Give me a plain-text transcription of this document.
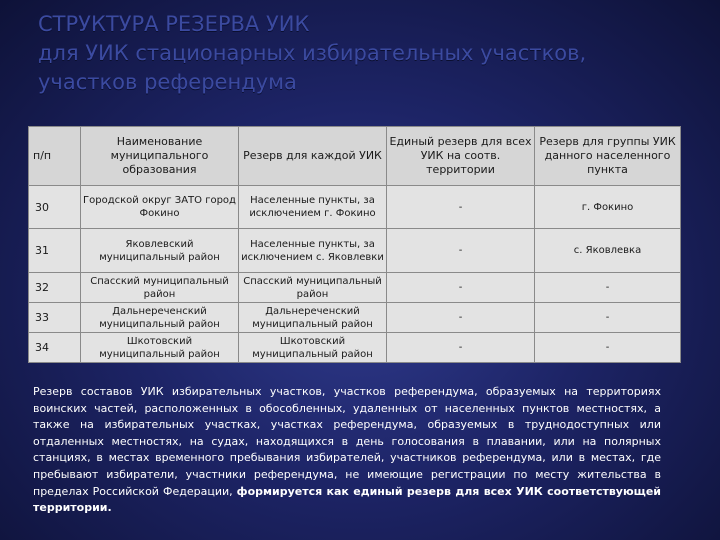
СТРУКТУРА РЕЗЕРВА УИК
для УИК стационарных избирательных участков,
участков референдума
п/п	Наименование муниципального образования	Резерв для каждой УИК	Единый резерв для всех УИК на соотв. территории	Резерв для группы УИК данного населенного пункта
30	Городской округ ЗАТО город Фокино	Населенные пункты, за исключением г. Фокино	-	г. Фокино
31	Яковлевский муниципальный район	Населенные пункты, за исключением с. Яковлевки	-	с. Яковлевка
32	Спасский муниципальный район	Спасский муниципальный район	-	-
33	Дальнереченский муниципальный район	Дальнереченский муниципальный район	-	-
34	Шкотовский муниципальный район	Шкотовский муниципальный район	-	-
Резерв составов УИК избирательных участков, участков референдума, образуемых на территориях воинских частей, расположенных в обособленных, удаленных от населенных пунктов местностях, а также на избирательных участках, участках референдума, образуемых в труднодоступных или отдаленных местностях, на судах, находящихся в день голосования в плавании, или на полярных станциях, в местах временного пребывания избирателей, участников референдума, или в местах, где пребывают избиратели, участники референдума, не имеющие регистрации по месту жительства в пределах Российской Федерации, формируется как единый резерв для всех УИК соответствующей территории.
